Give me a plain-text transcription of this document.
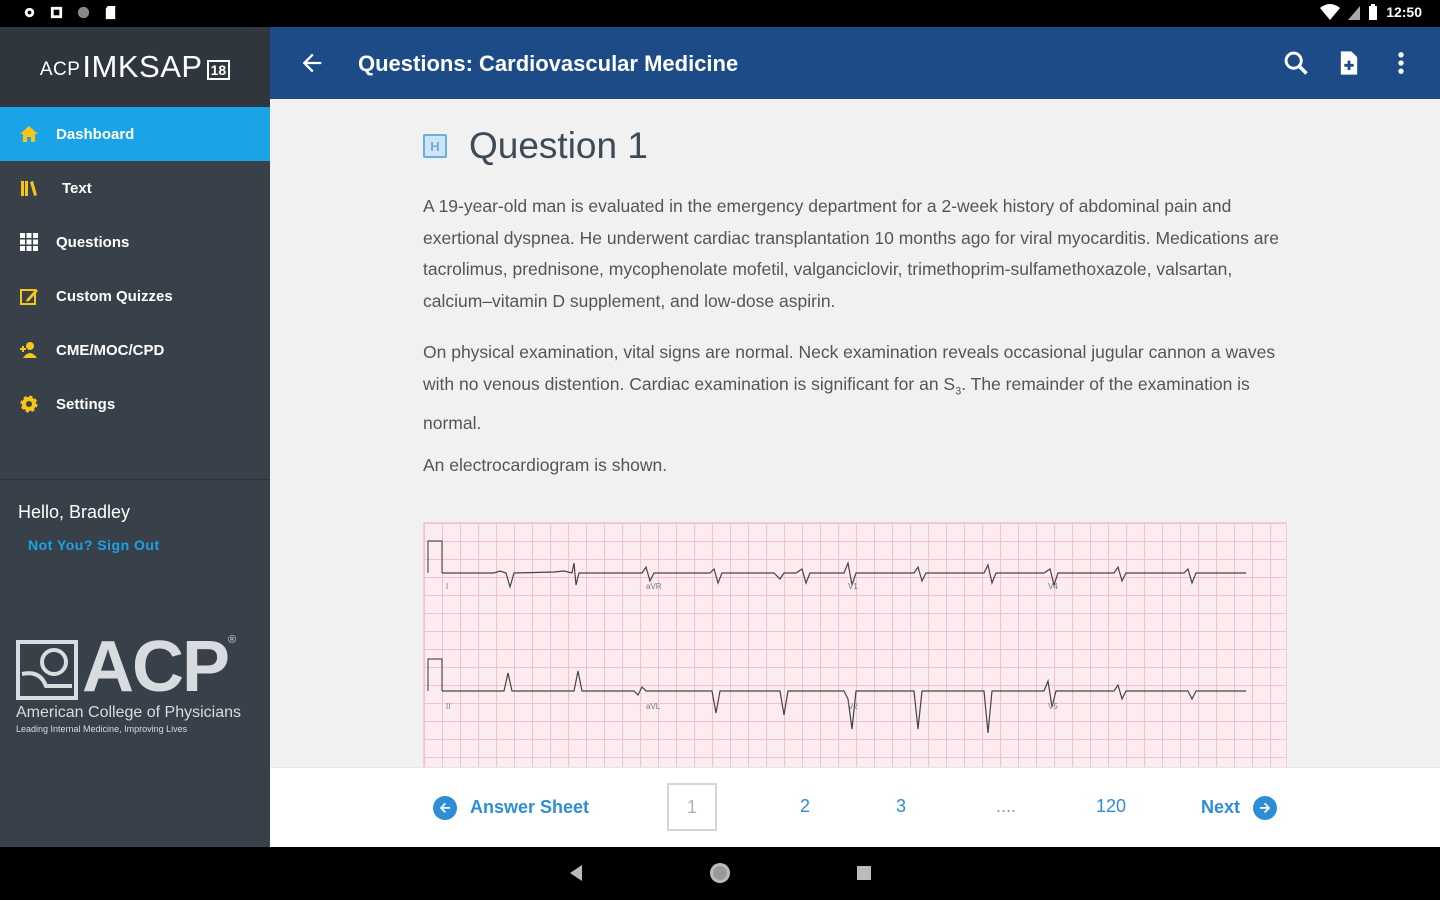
12:50
ACP IMKSAP 18
Dashboard
Text
Questions
Custom Quizzes
CME/MOC/CPD
Settings
Hello, Bradley
Not You? Sign Out
ACP ®
American College of Physicians
Leading Internal Medicine, Improving Lives
Questions: Cardiovascular Medicine
H Question 1

A 19-year-old man is evaluated in the emergency department for a 2-week history of abdominal pain and exertional dyspnea. He underwent cardiac transplantation 10 months ago for viral myocarditis. Medications are tacrolimus, prednisone, mycophenolate mofetil, valganciclovir, trimethoprim-sulfamethoxazole, valsartan, calcium–vitamin D supplement, and low-dose aspirin.

On physical examination, vital signs are normal. Neck examination reveals occasional jugular cannon a waves with no venous distention. Cardiac examination is significant for an $S_3$. The remainder of the examination is normal.

An electrocardiogram is shown.

I	aVR	V1	V4
II	aVL	V2	V5
Answer Sheet	1	2	3	....	120	Next
